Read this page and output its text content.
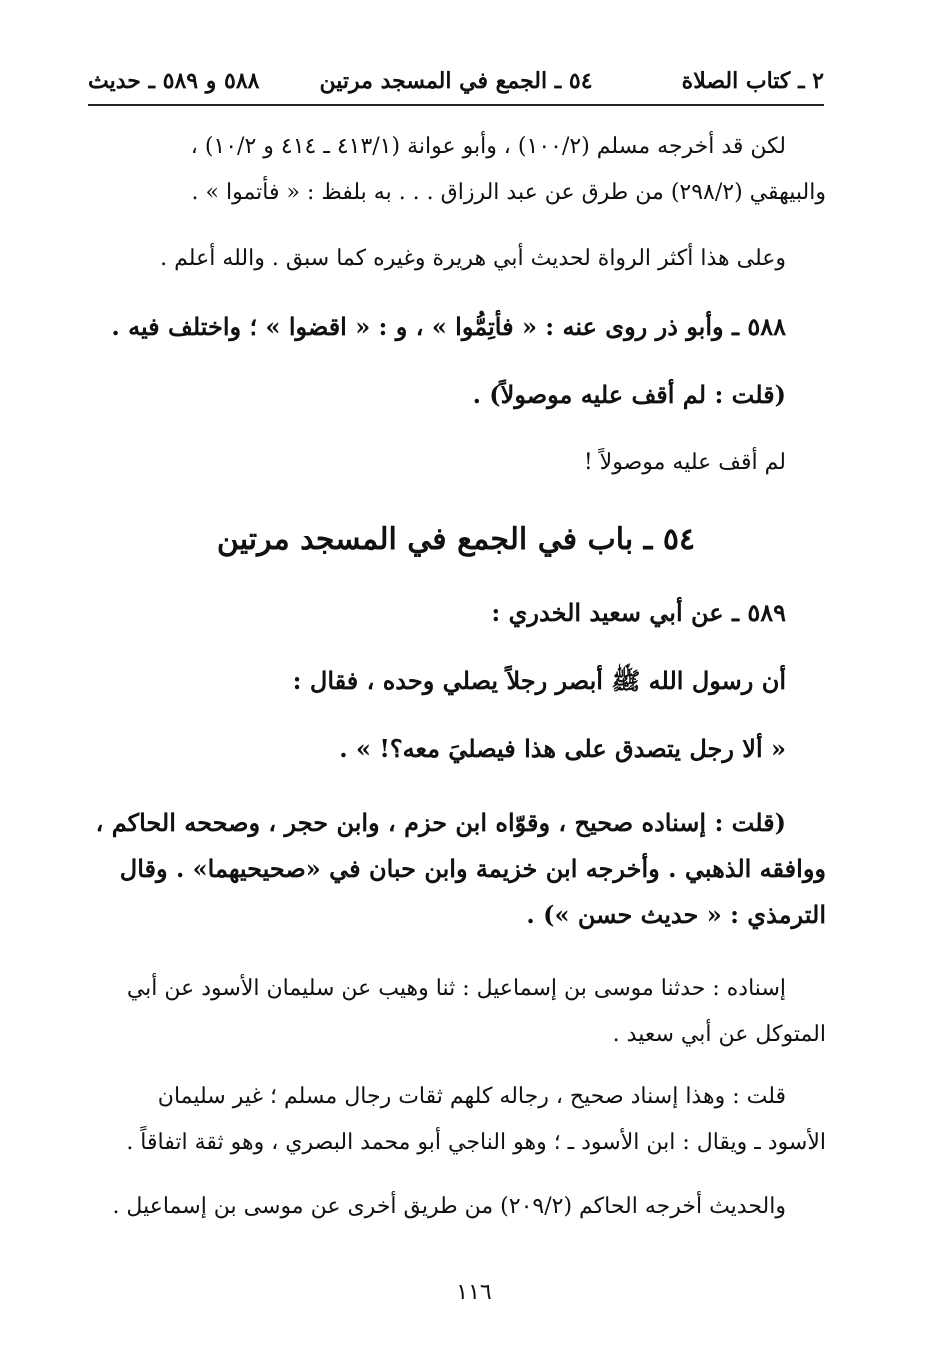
٢ ـ كتاب الصلاة
٥٤ ـ الجمع في المسجد مرتين
٥٨٨ و ٥٨٩ ـ حديث

لكن قد أخرجه مسلم (١٠٠/٢) ، وأبو عوانة (٤١٣/١ ـ ٤١٤ و ١٠/٢) ،

والبيهقي (٢٩٨/٢) من طرق عن عبد الرزاق . . . به بلفظ : « فأتموا » .

وعلى هذا أكثر الرواة لحديث أبي هريرة وغيره كما سبق . والله أعلم .

٥٨٨ ـ وأبو ذر روى عنه : « فأتِمُّوا » ، و : « اقضوا » ؛ واختلف فيه .

(قلت : لم أقف عليه موصولاً) .

لم أقف عليه موصولاً !

٥٤ ـ باب في الجمع في المسجد مرتين

٥٨٩ ـ عن أبي سعيد الخدري :

أن رسول الله ﷺ أبصر رجلاً يصلي وحده ، فقال :

« ألا رجل يتصدق على هذا فيصليَ معه؟! » .

(قلت : إسناده صحيح ، وقوّاه ابن حزم ، وابن حجر ، وصححه الحاكم ،

ووافقه الذهبي . وأخرجه ابن خزيمة وابن حبان في «صحيحيهما» . وقال

الترمذي : « حديث حسن ») .

إسناده : حدثنا موسى بن إسماعيل : ثنا وهيب عن سليمان الأسود عن أبي

المتوكل عن أبي سعيد .

قلت : وهذا إسناد صحيح ، رجاله كلهم ثقات رجال مسلم ؛ غير سليمان

الأسود ـ ويقال : ابن الأسود ـ ؛ وهو الناجي أبو محمد البصري ، وهو ثقة اتفاقاً .

والحديث أخرجه الحاكم (٢٠٩/٢) من طريق أخرى عن موسى بن إسماعيل .

١١٦
